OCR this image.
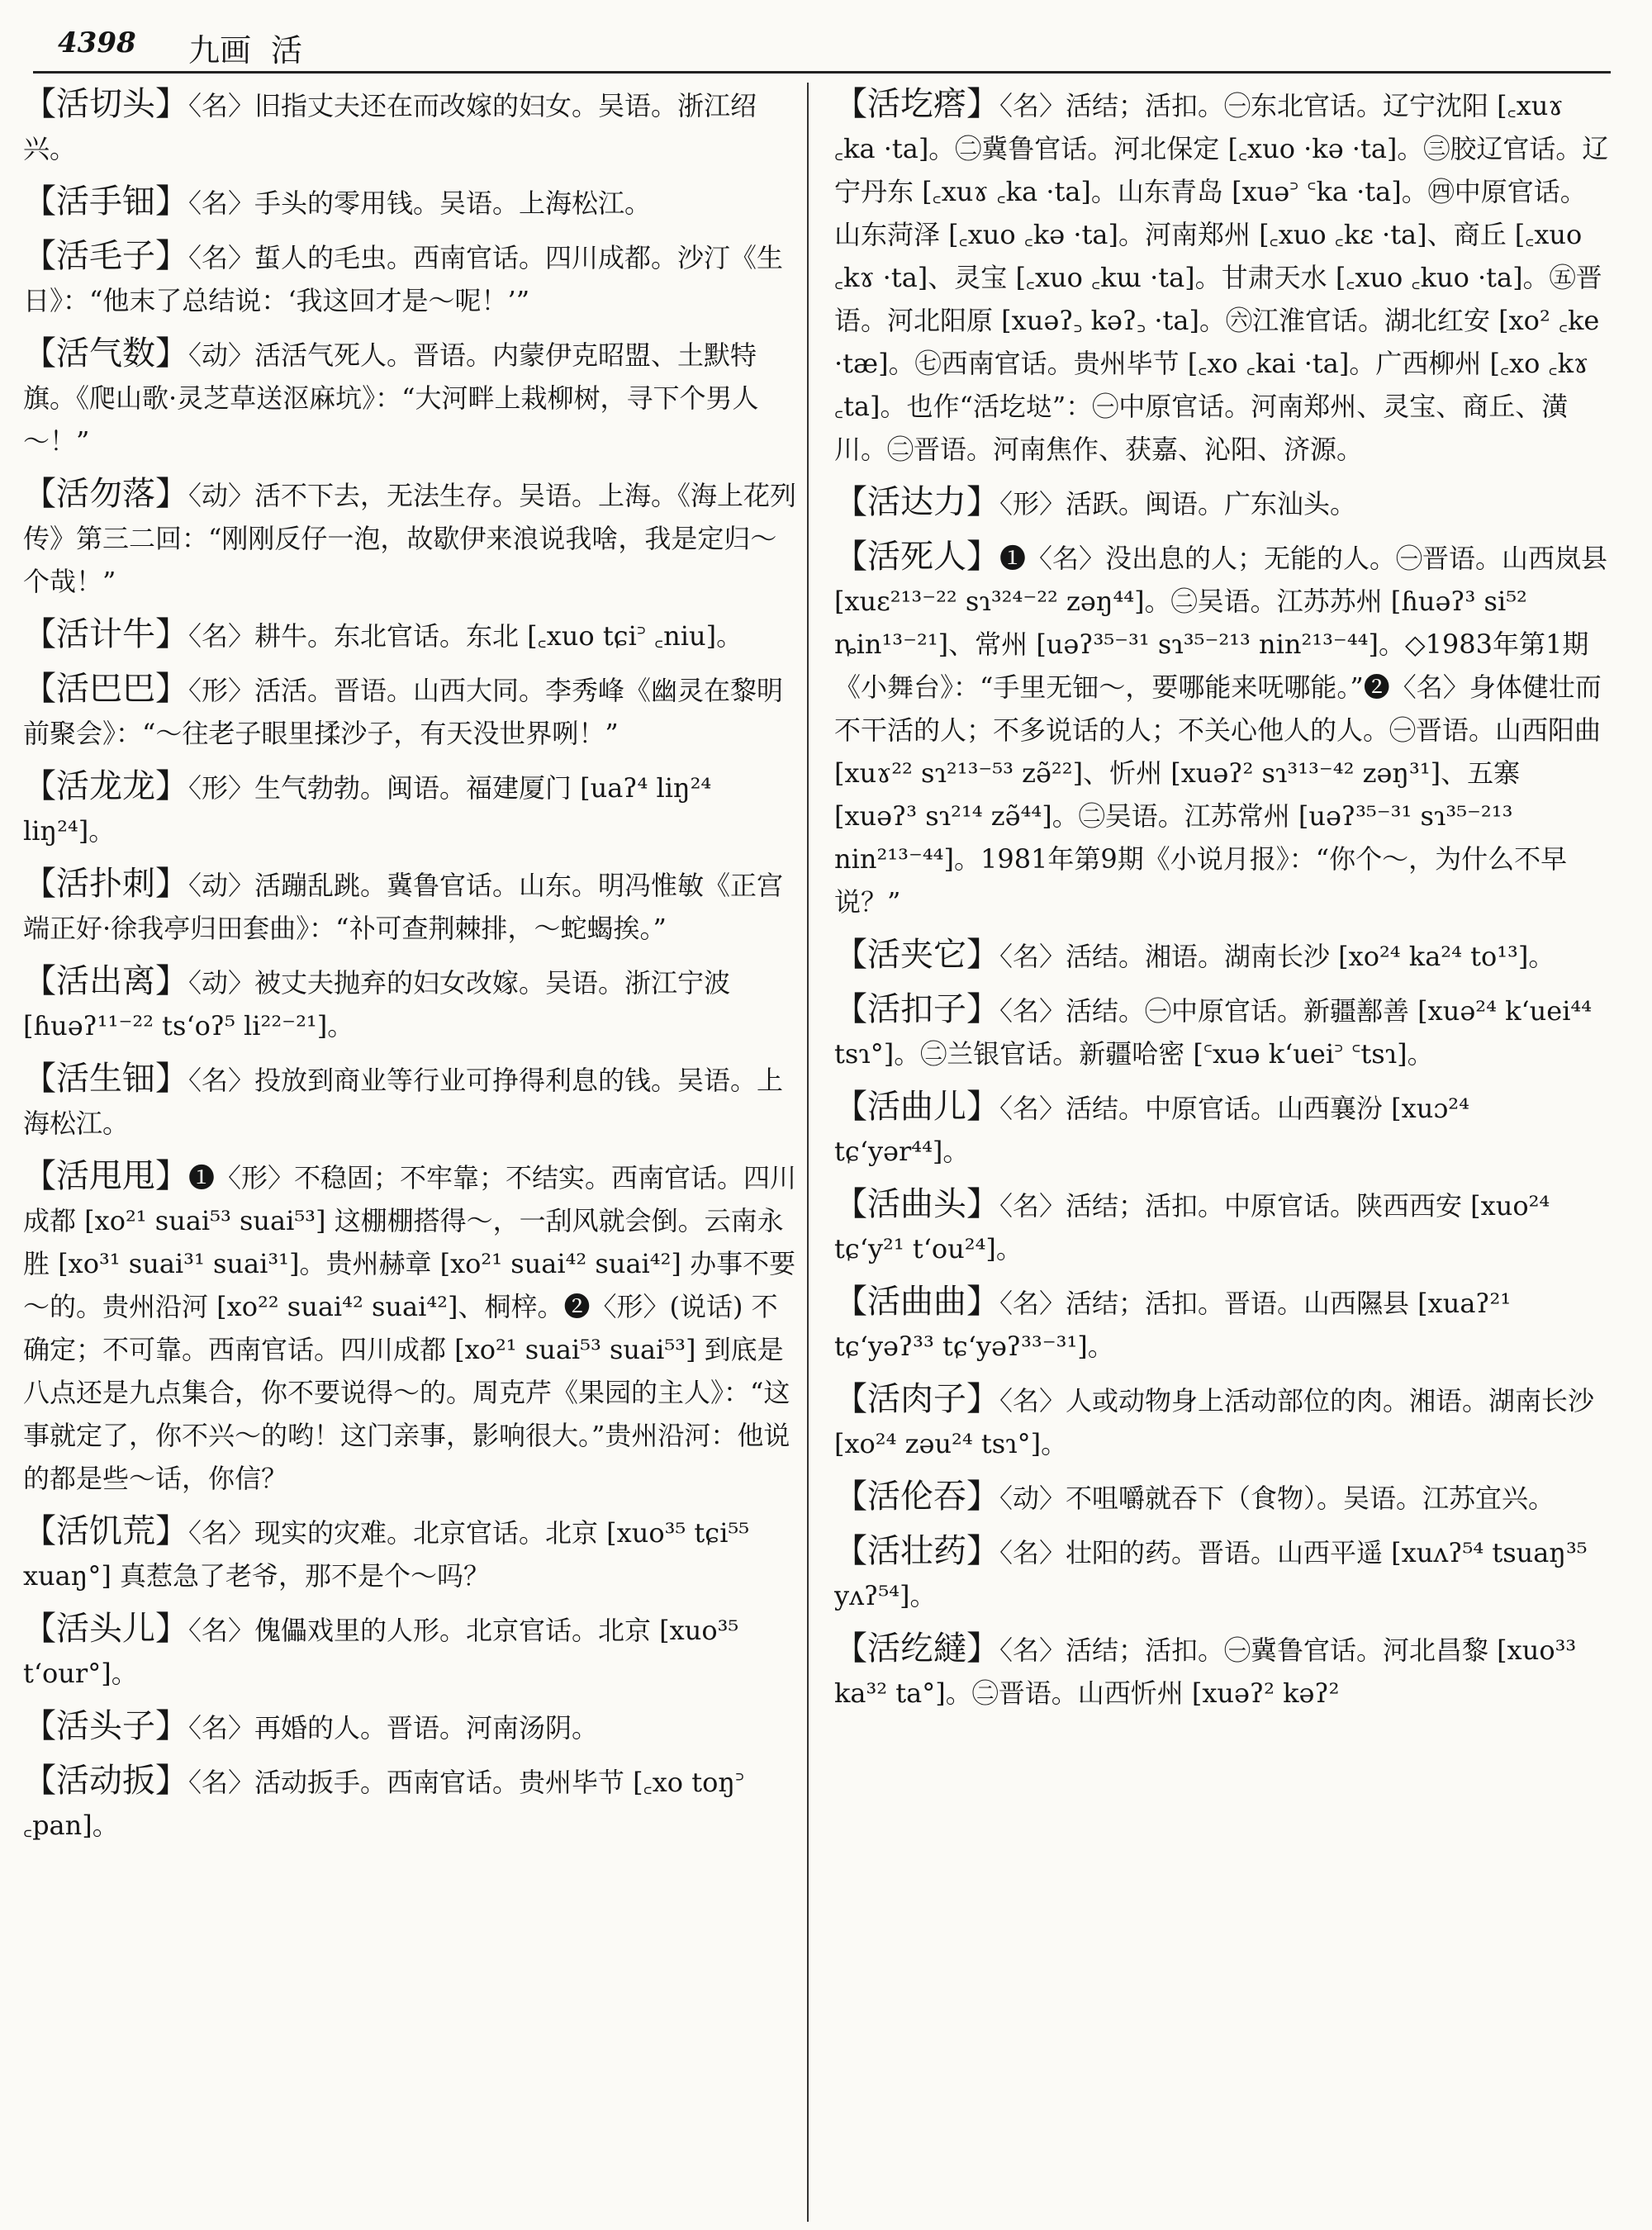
4398 九画 活

【活切头】〈名〉旧指丈夫还在而改嫁的妇女。吴语。浙江绍兴。

【活手钿】〈名〉手头的零用钱。吴语。上海松江。

【活毛子】〈名〉蜇人的毛虫。西南官话。四川成都。沙汀《生日》：“他末了总结说：‘我这回才是～呢！’”

【活气数】〈动〉活活气死人。晋语。内蒙伊克昭盟、土默特旗。《爬山歌·灵芝草送沤麻坑》：“大河畔上栽柳树，寻下个男人～！”

【活勿落】〈动〉活不下去，无法生存。吴语。上海。《海上花列传》第三二回：“刚刚反仔一泡，故歇伊来浪说我啥，我是定归～个哉！”

【活计牛】〈名〉耕牛。东北官话。东北 [꜀xuo tɕi꜄ ꜀niu]。

【活巴巴】〈形〉活活。晋语。山西大同。李秀峰《幽灵在黎明前聚会》：“～往老子眼里揉沙子，有天没世界咧！”

【活龙龙】〈形〉生气勃勃。闽语。福建厦门 [uaʔ⁴ liŋ²⁴ liŋ²⁴]。

【活扑刺】〈动〉活蹦乱跳。冀鲁官话。山东。明冯惟敏《正宫端正好·徐我亭归田套曲》：“䃼可查荆棘排，～蛇蝎挨。”

【活出离】〈动〉被丈夫抛弃的妇女改嫁。吴语。浙江宁波 [ɦuəʔ¹¹⁻²² tsʻoʔ⁵ li²²⁻²¹]。

【活生钿】〈名〉投放到商业等行业可挣得利息的钱。吴语。上海松江。

【活甩甩】❶〈形〉不稳固；不牢靠；不结实。西南官话。四川成都 [xo²¹ suai⁵³ suai⁵³] 这棚棚搭得～，一刮风就会倒。云南永胜 [xo³¹ suai³¹ suai³¹]。贵州赫章 [xo²¹ suai⁴² suai⁴²] 办事不要～的。贵州沿河 [xo²² suai⁴² suai⁴²]、桐梓。❷〈形〉(说话) 不确定；不可靠。西南官话。四川成都 [xo²¹ suai⁵³ suai⁵³] 到底是八点还是九点集合，你不要说得～的。周克芹《果园的主人》：“这事就定了，你不兴～的哟！这门亲事，影响很大。”贵州沿河：他说的都是些～话，你信？

【活饥荒】〈名〉现实的灾难。北京官话。北京 [xuo³⁵ tɕi⁵⁵ xuaŋ°] 真惹急了老爷，那不是个～吗？

【活头儿】〈名〉傀儡戏里的人形。北京官话。北京 [xuo³⁵ tʻour°]。

【活头子】〈名〉再婚的人。晋语。河南汤阴。

【活动扳】〈名〉活动扳手。西南官话。贵州毕节 [꜀xo toŋ꜄ ꜀pan]。

【活圪瘩】〈名〉活结；活扣。㊀东北官话。辽宁沈阳 [꜀xuɤ ꜀ka ·ta]。㊁冀鲁官话。河北保定 [꜀xuo ·kə ·ta]。㊂胶辽官话。辽宁丹东 [꜀xuɤ ꜀ka ·ta]。山东青岛 [xuə꜄ ꜂ka ·ta]。㊃中原官话。山东菏泽 [꜀xuo ꜀kə ·ta]。河南郑州 [꜀xuo ꜀kɛ ·ta]、商丘 [꜀xuo ꜀kɤ ·ta]、灵宝 [꜀xuo ꜀kɯ ·ta]。甘肃天水 [꜀xuo ꜀kuo ·ta]。㊄晋语。河北阳原 [xuəʔ꜆ kəʔ꜆ ·ta]。㊅江淮官话。湖北红安 [xo² ꜀ke ·tæ]。㊆西南官话。贵州毕节 [꜀xo ꜀kai ·ta]。广西柳州 [꜀xo ꜀kɤ ꜀ta]。也作“活圪垯”：㊀中原官话。河南郑州、灵宝、商丘、潢川。㊁晋语。河南焦作、获嘉、沁阳、济源。

【活达力】〈形〉活跃。闽语。广东汕头。

【活死人】❶〈名〉没出息的人；无能的人。㊀晋语。山西岚县 [xuɛ²¹³⁻²² sɿ³²⁴⁻²² zəŋ⁴⁴]。㊁吴语。江苏苏州 [ɦuəʔ³ si⁵² ȵin¹³⁻²¹]、常州 [uəʔ³⁵⁻³¹ sɿ³⁵⁻²¹³ nin²¹³⁻⁴⁴]。◇1983年第1期《小舞台》：“手里无钿～，要哪能来呒哪能。”❷〈名〉身体健壮而不干活的人；不多说话的人；不关心他人的人。㊀晋语。山西阳曲 [xuɤ²² sɿ²¹³⁻⁵³ zə̃²²]、忻州 [xuəʔ² sɿ³¹³⁻⁴² zəŋ³¹]、五寨 [xuəʔ³ sɿ²¹⁴ zə̃⁴⁴]。㊁吴语。江苏常州 [uəʔ³⁵⁻³¹ sɿ³⁵⁻²¹³ nin²¹³⁻⁴⁴]。1981年第9期《小说月报》：“你个～，为什么不早说？”

【活夹它】〈名〉活结。湘语。湖南长沙 [xo²⁴ ka²⁴ to¹³]。

【活扣子】〈名〉活结。㊀中原官话。新疆鄯善 [xuə²⁴ kʻuei⁴⁴ tsɿ°]。㊁兰银官话。新疆哈密 [꜂xuə kʻuei꜄ ꜂tsɿ]。

【活曲儿】〈名〉活结。中原官话。山西襄汾 [xuɔ²⁴ tɕʻyər⁴⁴]。

【活曲头】〈名〉活结；活扣。中原官话。陕西西安 [xuo²⁴ tɕʻy²¹ tʻou²⁴]。

【活曲曲】〈名〉活结；活扣。晋语。山西隰县 [xuaʔ²¹ tɕʻyəʔ³³ tɕʻyəʔ³³⁻³¹]。

【活肉子】〈名〉人或动物身上活动部位的肉。湘语。湖南长沙 [xo²⁴ zəu²⁴ tsɿ°]。

【活伦吞】〈动〉不咀嚼就吞下（食物）。吴语。江苏宜兴。

【活壮药】〈名〉壮阳的药。晋语。山西平遥 [xuʌʔ⁵⁴ tsuaŋ³⁵ yʌʔ⁵⁴]。

【活纥繨】〈名〉活结；活扣。㊀冀鲁官话。河北昌黎 [xuo³³ ka³² ta°]。㊁晋语。山西忻州 [xuəʔ² kəʔ²
